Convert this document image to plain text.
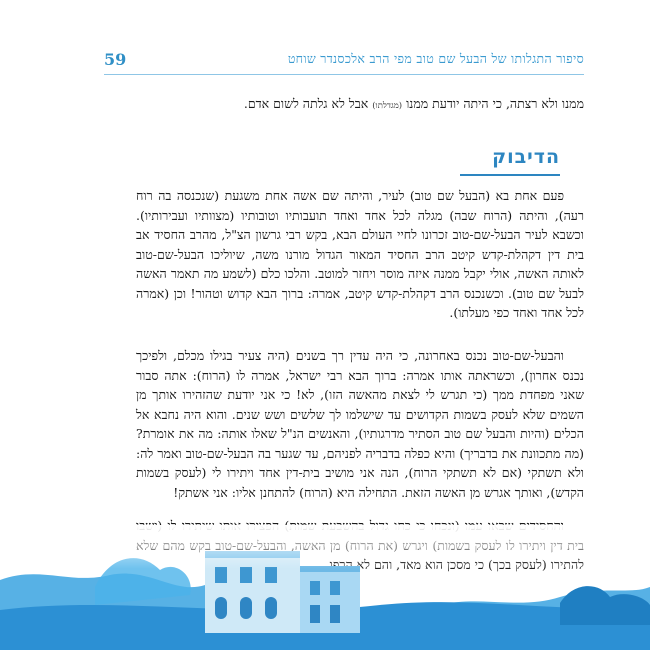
59	סיפור התגלותו של הבעל שם טוב מפי הרב אלכסנדר שוחט
ממנו ולא רצתה, כי היתה יודעת ממנו (מגדלתו) אבל לא גלתה לשום אדם.
הדיבוק
פעם אחת בא (הבעל שם טוב) לעיר, והיתה שם אשה אחת משגעת (שנכנסה בה רוח רעה), והיתה (הרוח שבה) מגלה לכל אחד ואחד תועבותיו וטובותיו (מצוותיו ועבירותיו). וכשבא לעיר הבעל-שם-טוב זכרונו לחיי העולם הבא, בקש רבי גרשון הצ"ל, מהרב החסיד אב בית דין דקהלת-קדש קיטב הרב החסיד המאור הגדול מורנו משה, שיוליכו הבעל-שם-טוב לאותה האשה, אולי יקבל ממנה איזה מוסר ויחזר למוטב. והלכו כלם (לשמע מה תאמר האשה לבעל שם טוב). וכשנכנס הרב דקהלת-קדש קיטב, אמרה: ברוך הבא קדוש וטהור! וכן (אמרה לכל אחד ואחד כפי מעלתו).
והבעל-שם-טוב נכנס באחרונה, כי היה עדין רך בשנים (היה צעיר בגילו מכלם, ולפיכך נכנס אחרון), וכשראתה אותו אמרה: ברוך הבא רבי ישראל, אמרה לו (הרוח): אתה סבור שאני מפחדת ממך (כי תגרש לי לצאת מהאשה הזו), לא! כי אני יודעת שהזהירו אותך מן השמים שלא לעסק בשמות הקדושים עד שישלמו לך שלשים ושש שנים. והוא היה נחבא אל הכלים (והיות והבעל שם טוב הסתיר מדרגותיו), והאנשים הנ"ל שאלו אותה: מה את אומרת? (מה מתכוונת את בדבריך) והיא כפלה בדבריה לפניהם, עד שגער בה הבעל-שם-טוב ואמר לה: ולא תשתקי (אם לא תשתקי הרוח), הנה אני מושיב בית-דין אחד ויתירו לי (לעסק בשמות הקדש), ואותך אגרש מן האשה הזאת. התחילה היא (הרוח) להתחנן אליו: אני אשתק!
